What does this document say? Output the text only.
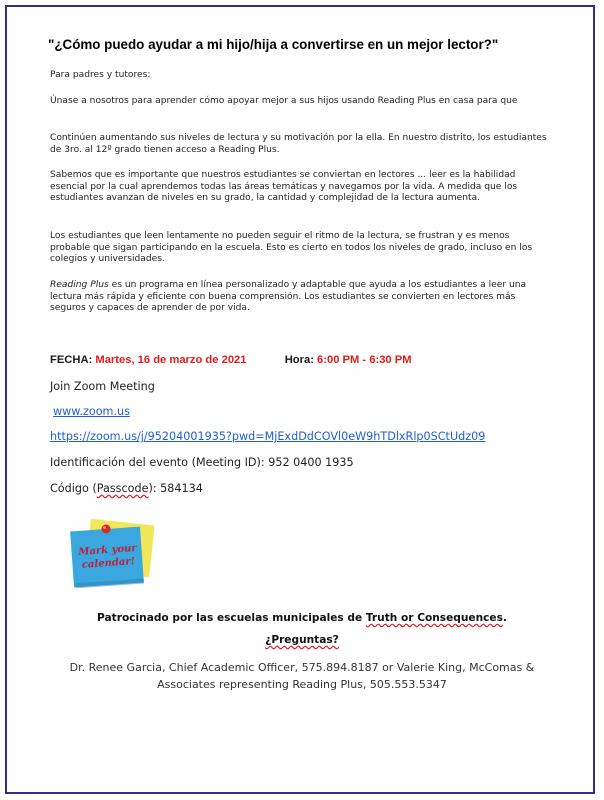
"¿Cómo puedo ayudar a mi hijo/hija a convertirse en un mejor lector?"
Para padres y tutores:
Únase a nosotros para aprender cómo apoyar mejor a sus hijos usando Reading Plus en casa para que
Continúen aumentando sus niveles de lectura y su motivación por la ella. En nuestro distrito, los estudiantes de 3ro. al 12º grado tienen acceso a Reading Plus.
Sabemos que es importante que nuestros estudiantes se conviertan en lectores ... leer es la habilidad esencial por la cual aprendemos todas las áreas temáticas y navegamos por la vida. A medida que los estudiantes avanzan de niveles en su grado, la cantidad y complejidad de la lectura aumenta.
Los estudiantes que leen lentamente no pueden seguir el ritmo de la lectura, se frustran y es menos probable que sigan participando en la escuela. Esto es cierto en todos los niveles de grado, incluso en los colegios y universidades.
Reading Plus es un programa en línea personalizado y adaptable que ayuda a los estudiantes a leer una lectura más rápida y eficiente con buena comprensión. Los estudiantes se convierten en lectores más seguros y capaces de aprender de por vida.
FECHA: Martes, 16 de marzo de 2021	Hora: 6:00 PM - 6:30 PM
Join Zoom Meeting
www.zoom.us
https://zoom.us/j/95204001935?pwd=MjExdDdCOVl0eW9hTDlxRlp0SCtUdz09
Identificación del evento (Meeting ID): 952 0400 1935
Código (Passcode): 584134
Mark your
calendar!
Patrocinado por las escuelas municipales de Truth or Consequences.
¿Preguntas?
Dr. Renee Garcia, Chief Academic Officer, 575.894.8187 or Valerie King, McComas & Associates representing Reading Plus, 505.553.5347
